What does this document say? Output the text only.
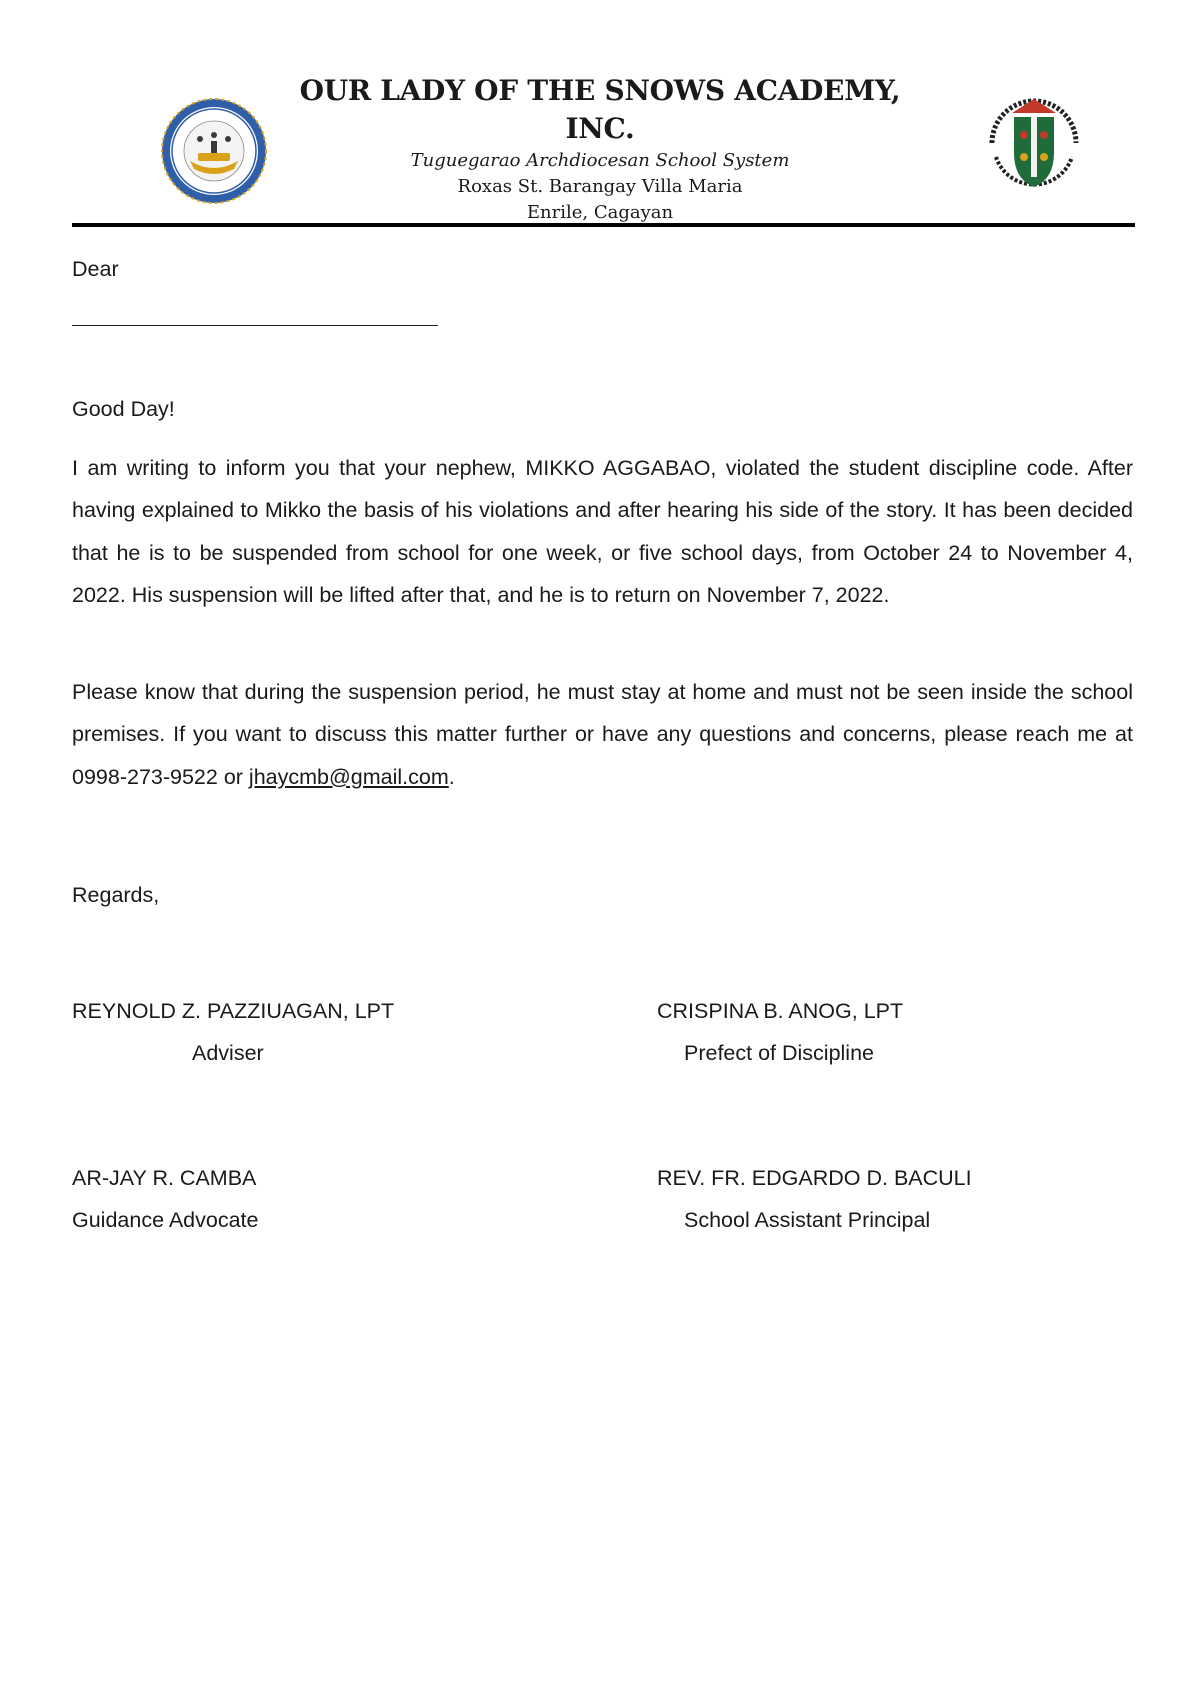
OUR LADY OF THE SNOWS ACADEMY, INC.
Tuguegarao Archdiocesan School System
Roxas St. Barangay Villa Maria
Enrile, Cagayan
Dear
Good Day!

I am writing to inform you that your nephew, MIKKO AGGABAO, violated the student discipline code. After having explained to Mikko the basis of his violations and after hearing his side of the story. It has been decided that he is to be suspended from school for one week, or five school days, from October 24 to November 4, 2022. His suspension will be lifted after that, and he is to return on November 7, 2022.

Please know that during the suspension period, he must stay at home and must not be seen inside the school premises. If you want to discuss this matter further or have any questions and concerns, please reach me at 0998-273-9522 or jhaycmb@gmail.com.

Regards,
REYNOLD Z. PAZZIUAGAN, LPT
Adviser
CRISPINA B. ANOG, LPT
Prefect of Discipline
AR-JAY R. CAMBA
Guidance Advocate
REV. FR. EDGARDO D. BACULI
School Assistant Principal
